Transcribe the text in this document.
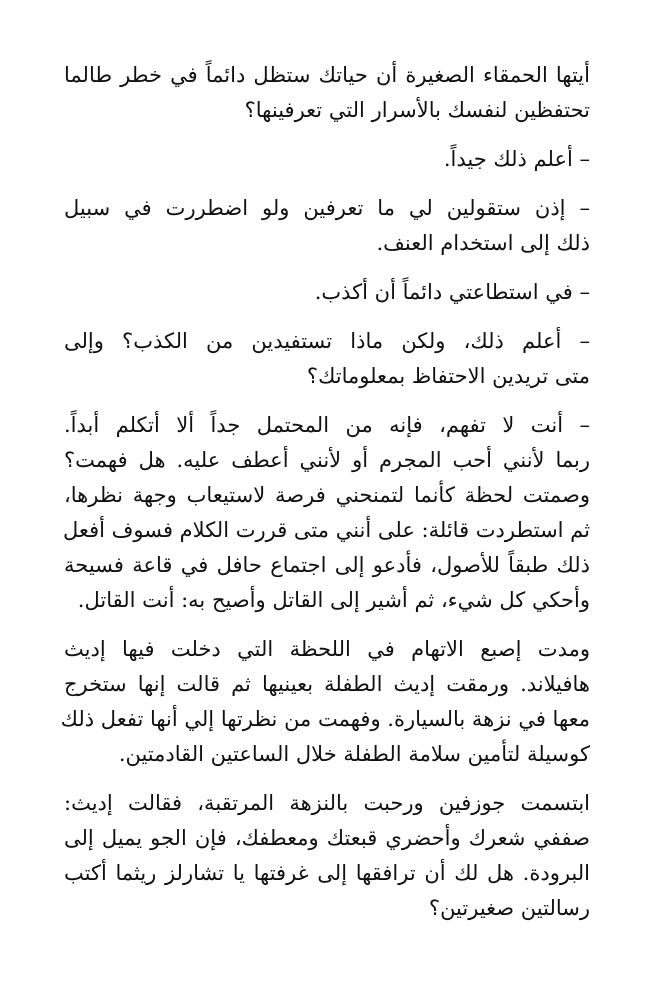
أيتها الحمقاء الصغيرة أن حياتك ستظل دائماً في خطر طالما
تحتفظين لنفسك بالأسرار التي تعرفينها؟
– أعلم ذلك جيداً.
– إذن ستقولين لي ما تعرفين ولو اضطررت في سبيل
ذلك إلى استخدام العنف.
– في استطاعتي دائماً أن أكذب.
– أعلم ذلك، ولكن ماذا تستفيدين من الكذب؟ وإلى
متى تريدين الاحتفاظ بمعلوماتك؟
– أنت لا تفهم، فإنه من المحتمل جداً ألا أتكلم أبداً.
ربما لأنني أحب المجرم أو لأنني أعطف عليه. هل فهمت؟
وصمتت لحظة كأنما لتمنحني فرصة لاستيعاب وجهة نظرها،
ثم استطردت قائلة: على أنني متى قررت الكلام فسوف أفعل
ذلك طبقاً للأصول، فأدعو إلى اجتماع حافل في قاعة فسيحة
وأحكي كل شيء، ثم أشير إلى القاتل وأصيح به: أنت القاتل.
ومدت إصبع الاتهام في اللحظة التي دخلت فيها إديث
هافيلاند. ورمقت إديث الطفلة بعينيها ثم قالت إنها ستخرج
معها في نزهة بالسيارة. وفهمت من نظرتها إلي أنها تفعل ذلك
كوسيلة لتأمين سلامة الطفلة خلال الساعتين القادمتين.
ابتسمت جوزفين ورحبت بالنزهة المرتقبة، فقالت إديث:
صففي شعرك وأحضري قبعتك ومعطفك، فإن الجو يميل إلى
البرودة. هل لك أن ترافقها إلى غرفتها يا تشارلز ريثما أكتب
رسالتين صغيرتين؟
